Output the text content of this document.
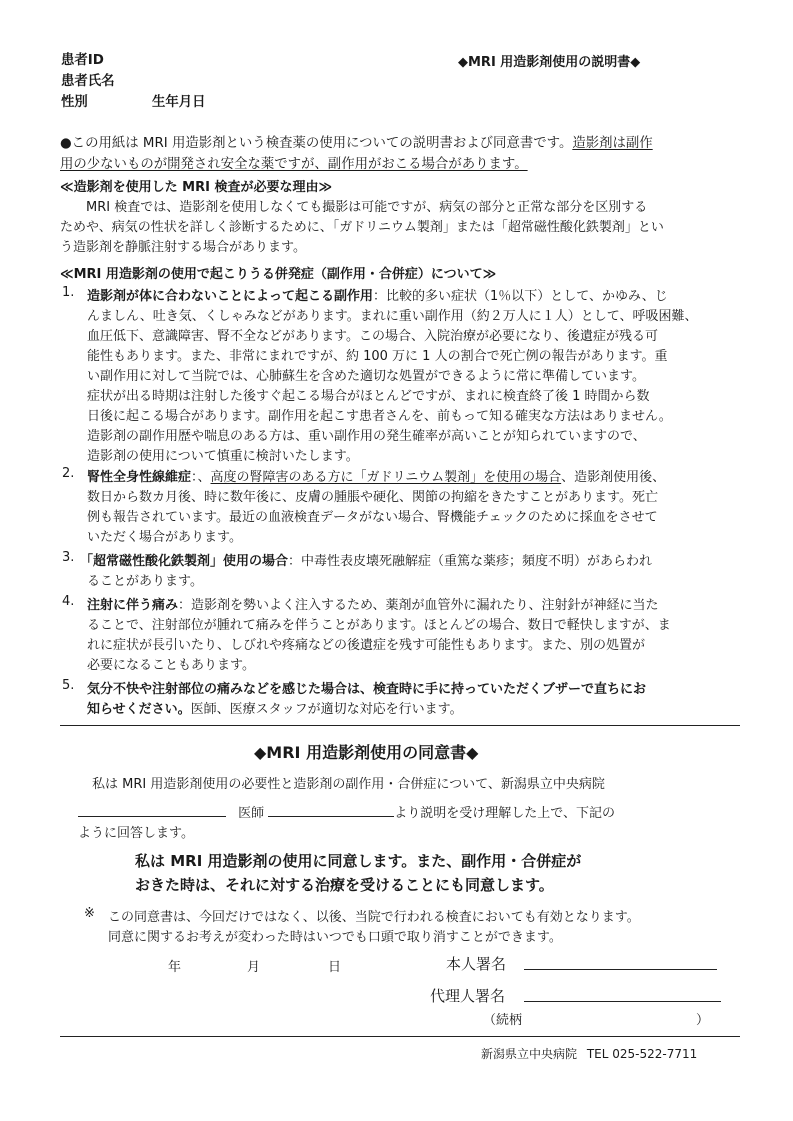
患者ID
患者氏名
性別	生年月日
◆MRI 用造影剤使用の説明書◆
●この用紙は MRI 用造影剤という検査薬の使用についての説明書および同意書です。造影剤は副作
用の少ないものが開発され安全な薬ですが、副作用がおこる場合があります。
≪造影剤を使用した MRI 検査が必要な理由≫
MRI 検査では、造影剤を使用しなくても撮影は可能ですが、病気の部分と正常な部分を区別する
ためや、病気の性状を詳しく診断するために、「ガドリニウム製剤」または「超常磁性酸化鉄製剤」とい
う造影剤を静脈注射する場合があります。
≪MRI 用造影剤の使用で起こりうる併発症（副作用・合併症）について≫
1. 造影剤が体に合わないことによって起こる副作用：比較的多い症状（1％以下）として、かゆみ、じ
んましん、吐き気、くしゃみなどがあります。まれに重い副作用（約２万人に１人）として、呼吸困難、
血圧低下、意識障害、腎不全などがあります。この場合、入院治療が必要になり、後遺症が残る可
能性もあります。また、非常にまれですが、約 100 万に 1 人の割合で死亡例の報告があります。重
い副作用に対して当院では、心肺蘇生を含めた適切な処置ができるように常に準備しています。
症状が出る時期は注射した後すぐ起こる場合がほとんどですが、まれに検査終了後 1 時間から数
日後に起こる場合があります。副作用を起こす患者さんを、前もって知る確実な方法はありません。
造影剤の副作用歴や喘息のある方は、重い副作用の発生確率が高いことが知られていますので、
造影剤の使用について慎重に検討いたします。
2. 腎性全身性線維症：、高度の腎障害のある方に「ガドリニウム製剤」を使用の場合、造影剤使用後、
数日から数カ月後、時に数年後に、皮膚の腫脹や硬化、関節の拘縮をきたすことがあります。死亡
例も報告されています。最近の血液検査データがない場合、腎機能チェックのために採血をさせて
いただく場合があります。
3. 「超常磁性酸化鉄製剤」使用の場合：中毒性表皮壊死融解症（重篤な薬疹；頻度不明）があらわれ
ることがあります。
4. 注射に伴う痛み：造影剤を勢いよく注入するため、薬剤が血管外に漏れたり、注射針が神経に当た
ることで、注射部位が腫れて痛みを伴うことがあります。ほとんどの場合、数日で軽快しますが、ま
れに症状が長引いたり、しびれや疼痛などの後遺症を残す可能性もあります。また、別の処置が
必要になることもあります。
5. 気分不快や注射部位の痛みなどを感じた場合は、検査時に手に持っていただくブザーで直ちにお
知らせください。医師、医療スタッフが適切な対応を行います。
◆MRI 用造影剤使用の同意書◆
私は MRI 用造影剤使用の必要性と造影剤の副作用・合併症について、新潟県立中央病院
医師	より説明を受け理解した上で、下記の
ように回答します。
私は MRI 用造影剤の使用に同意します。また、副作用・合併症が
おきた時は、それに対する治療を受けることにも同意します。
※ この同意書は、今回だけではなく、以後、当院で行われる検査においても有効となります。
同意に関するお考えが変わった時はいつでも口頭で取り消すことができます。
年	月	日	本人署名
代理人署名
（続柄	）
新潟県立中央病院 TEL 025-522-7711
